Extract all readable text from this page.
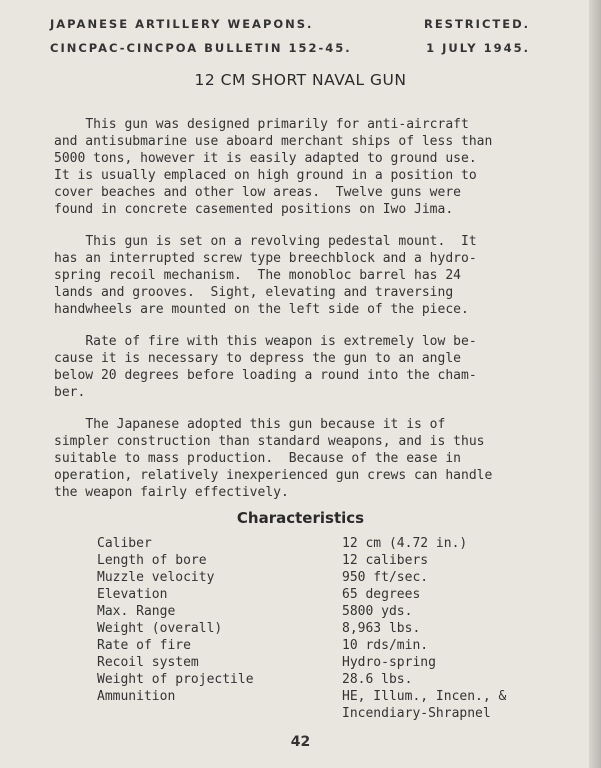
JAPANESE ARTILLERY WEAPONS.	RESTRICTED.
CINCPAC-CINCPOA BULLETIN 152-45.	1 JULY 1945.
12 CM SHORT NAVAL GUN

This gun was designed primarily for anti-aircraft
and antisubmarine use aboard merchant ships of less than
5000 tons, however it is easily adapted to ground use.
It is usually emplaced on high ground in a position to
cover beaches and other low areas.  Twelve guns were
found in concrete casemented positions on Iwo Jima.

This gun is set on a revolving pedestal mount.  It
has an interrupted screw type breechblock and a hydro-
spring recoil mechanism.  The monobloc barrel has 24
lands and grooves.  Sight, elevating and traversing
handwheels are mounted on the left side of the piece.

Rate of fire with this weapon is extremely low be-
cause it is necessary to depress the gun to an angle
below 20 degrees before loading a round into the cham-
ber.

The Japanese adopted this gun because it is of
simpler construction than standard weapons, and is thus
suitable to mass production.  Because of the ease in
operation, relatively inexperienced gun crews can handle
the weapon fairly effectively.

Characteristics
Caliber	12 cm (4.72 in.)
Length of bore	12 calibers
Muzzle velocity	950 ft/sec.
Elevation	65 degrees
Max. Range	5800 yds.
Weight (overall)	8,963 lbs.
Rate of fire	10 rds/min.
Recoil system	Hydro-spring
Weight of projectile	28.6 lbs.
Ammunition	HE, Illum., Incen., &
Incendiary-Shrapnel
42
